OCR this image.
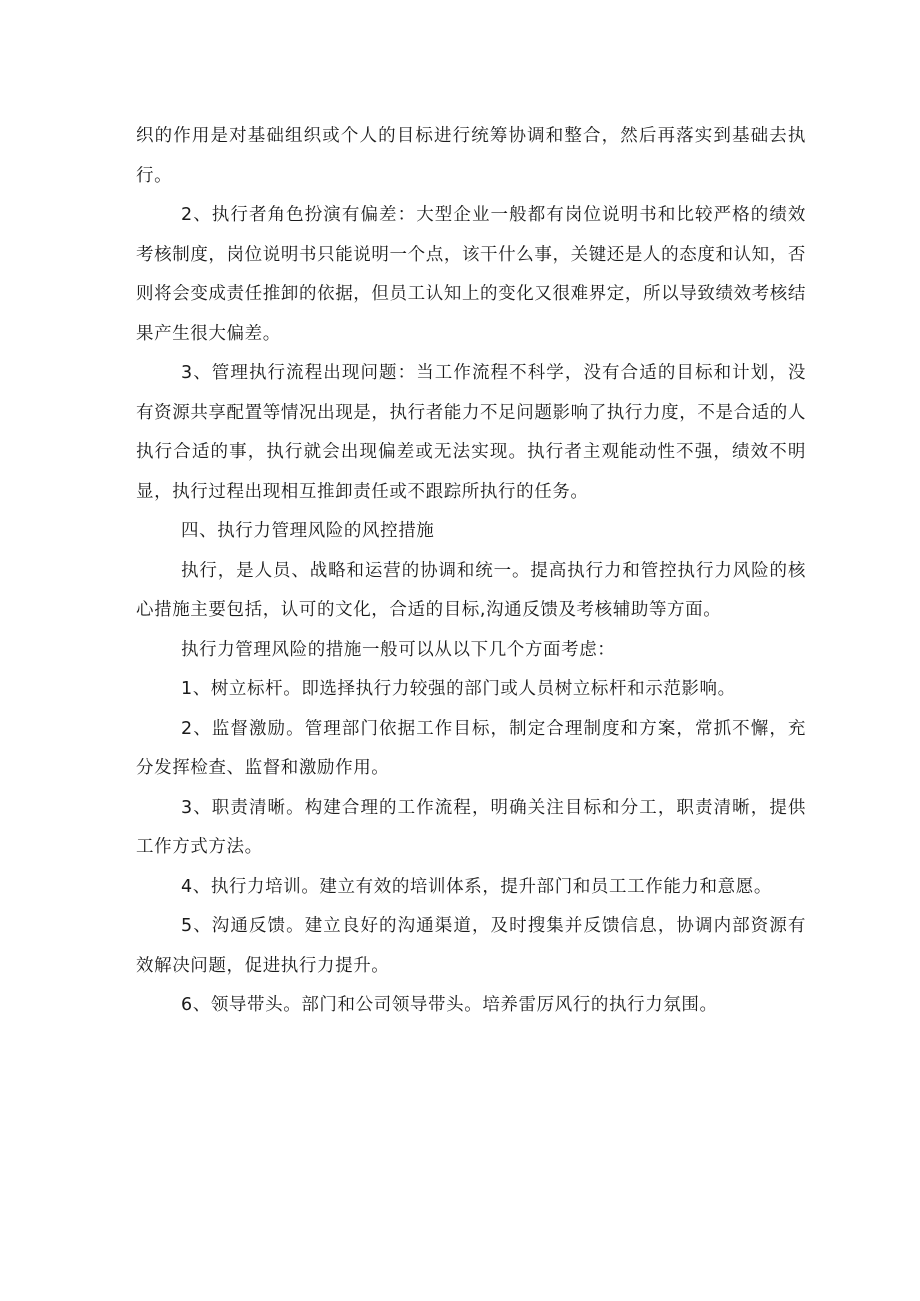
织的作用是对基础组织或个人的目标进行统筹协调和整合，然后再落实到基础去执行。

2、执行者角色扮演有偏差：大型企业一般都有岗位说明书和比较严格的绩效考核制度，岗位说明书只能说明一个点，该干什么事，关键还是人的态度和认知，否则将会变成责任推卸的依据，但员工认知上的变化又很难界定，所以导致绩效考核结果产生很大偏差。

3、管理执行流程出现问题：当工作流程不科学，没有合适的目标和计划，没有资源共享配置等情况出现是，执行者能力不足问题影响了执行力度，不是合适的人执行合适的事，执行就会出现偏差或无法实现。执行者主观能动性不强，绩效不明显，执行过程出现相互推卸责任或不跟踪所执行的任务。

四、执行力管理风险的风控措施

执行，是人员、战略和运营的协调和统一。提高执行力和管控执行力风险的核心措施主要包括，认可的文化，合适的目标,沟通反馈及考核辅助等方面。

执行力管理风险的措施一般可以从以下几个方面考虑：

1、树立标杆。即选择执行力较强的部门或人员树立标杆和示范影响。

2、监督激励。管理部门依据工作目标，制定合理制度和方案，常抓不懈，充分发挥检查、监督和激励作用。

3、职责清晰。构建合理的工作流程，明确关注目标和分工，职责清晰，提供工作方式方法。

4、执行力培训。建立有效的培训体系，提升部门和员工工作能力和意愿。

5、沟通反馈。建立良好的沟通渠道，及时搜集并反馈信息，协调内部资源有效解决问题，促进执行力提升。

6、领导带头。部门和公司领导带头。培养雷厉风行的执行力氛围。
